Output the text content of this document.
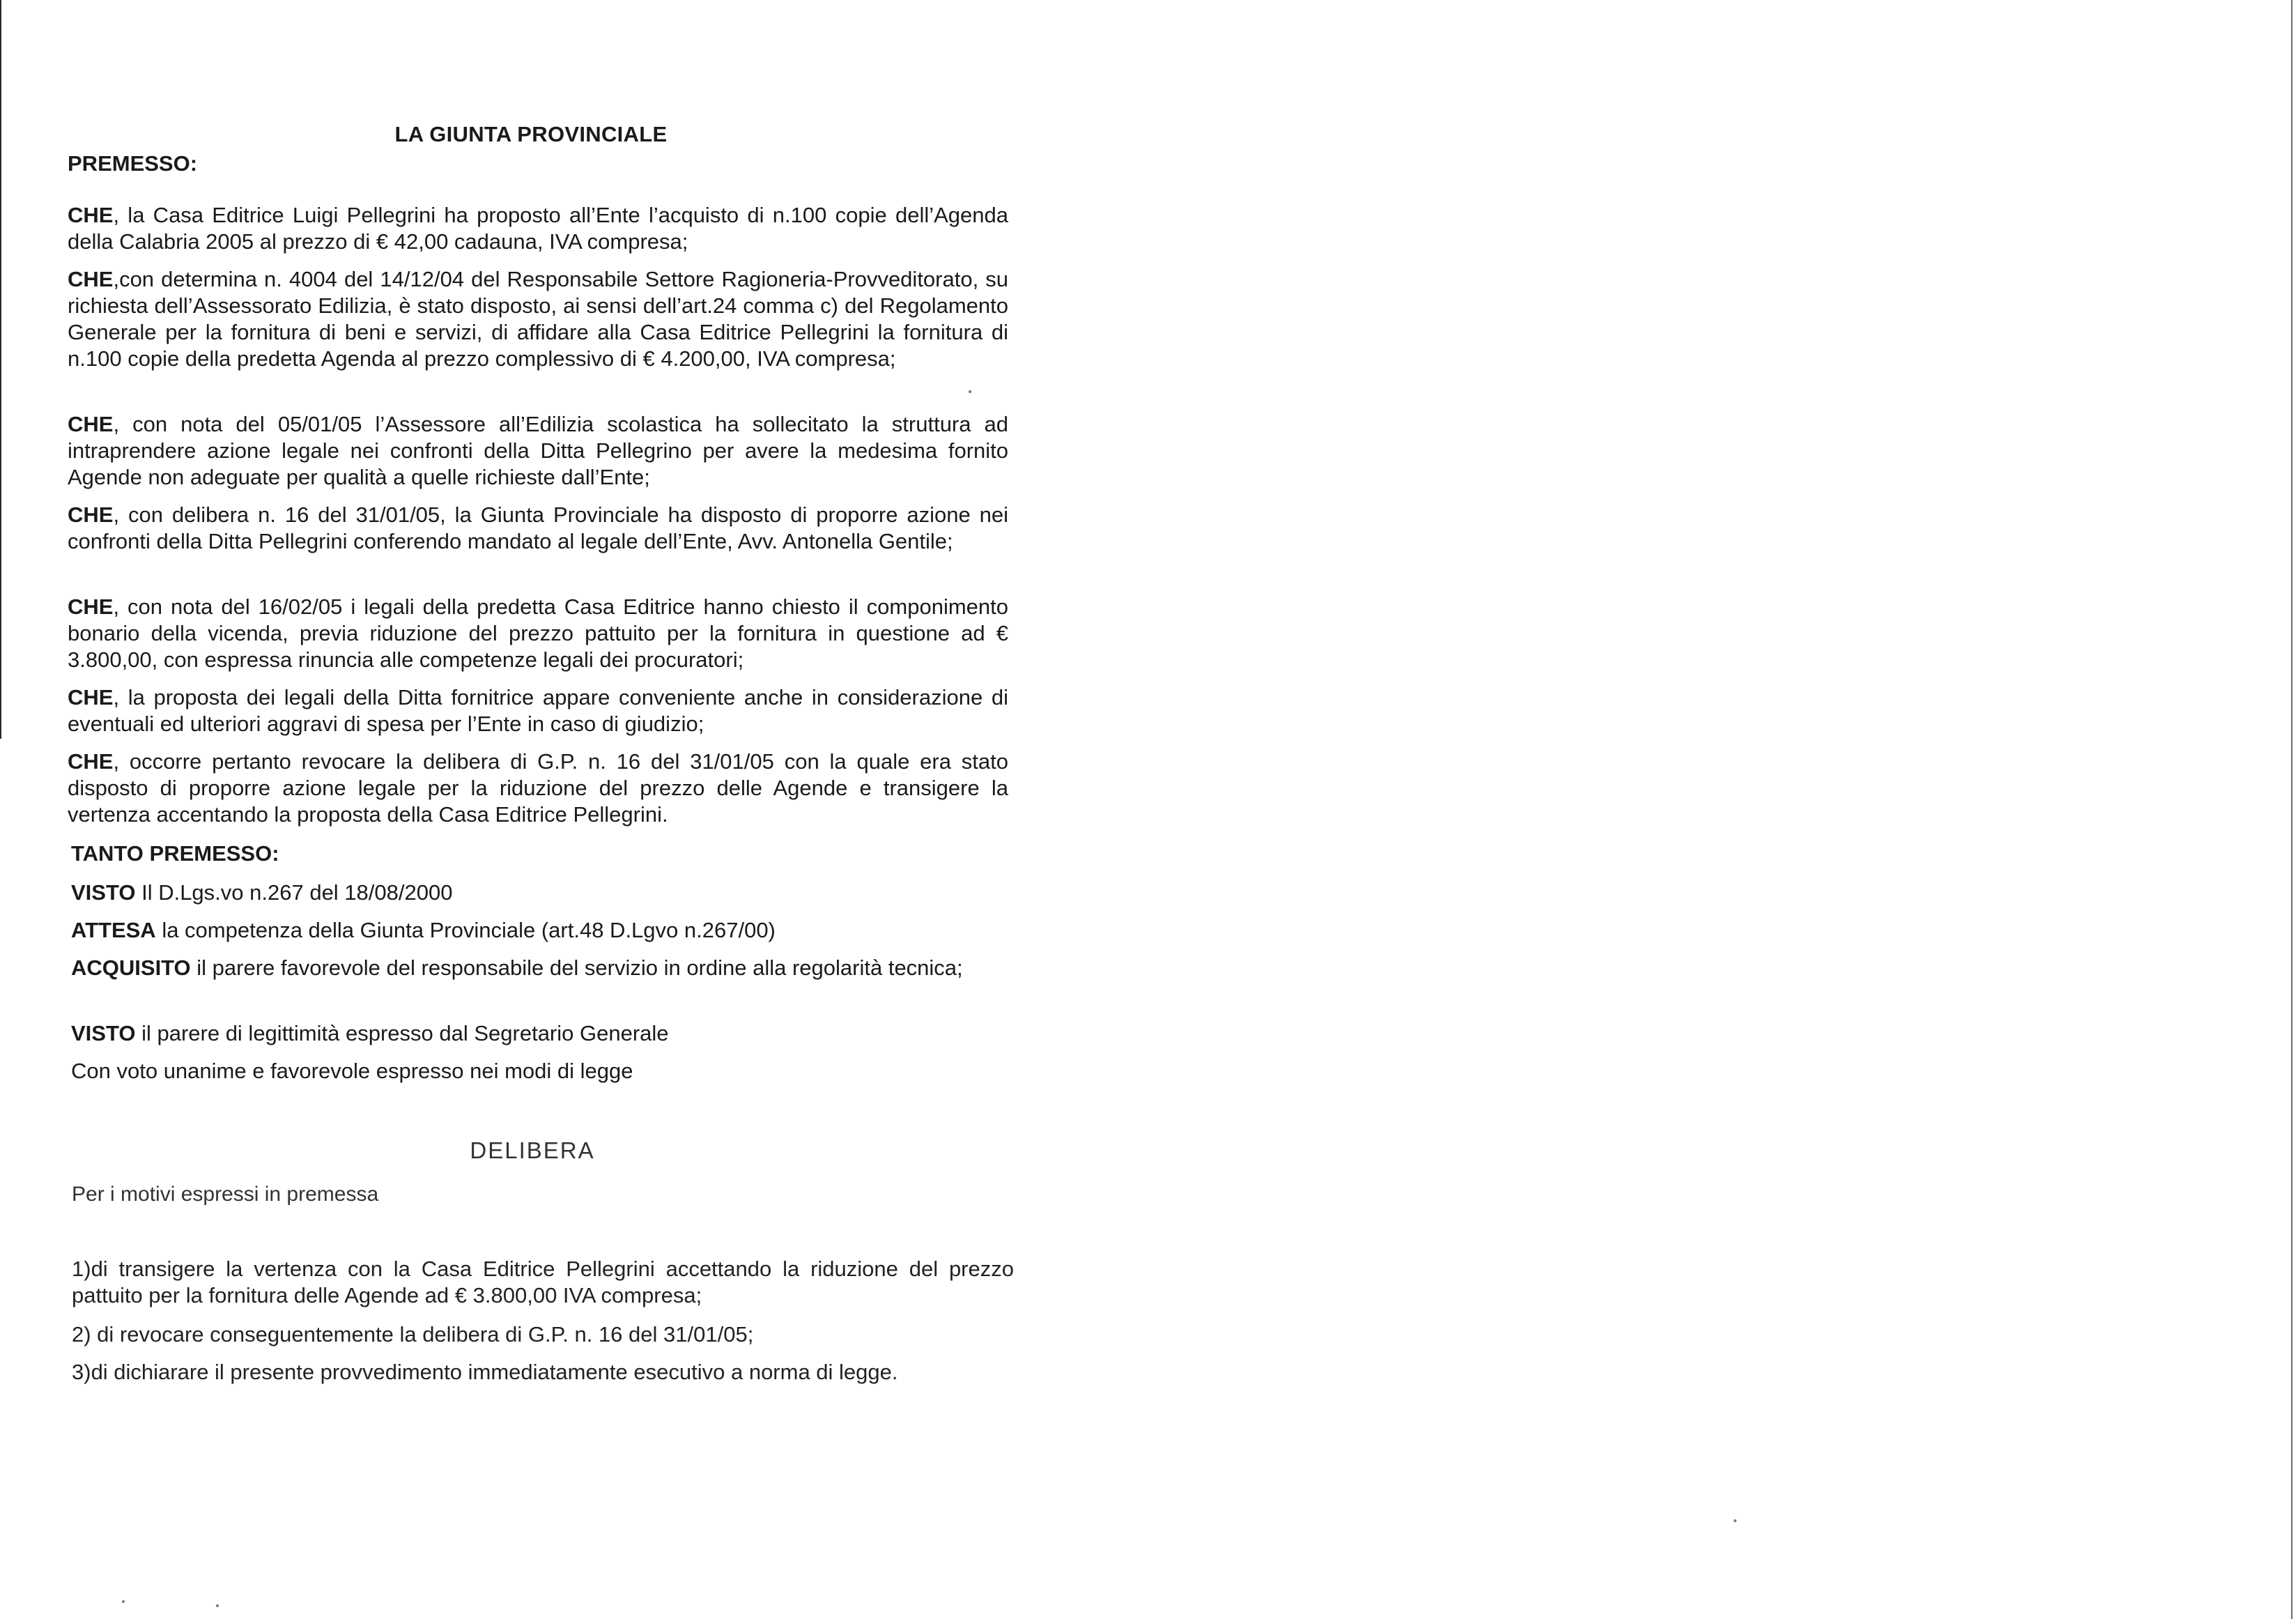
LA GIUNTA PROVINCIALE
PREMESSO:
CHE, la Casa Editrice Luigi Pellegrini ha proposto all’Ente l’acquisto di n.100 copie dell’Agenda della Calabria 2005 al prezzo di € 42,00 cadauna, IVA compresa;
CHE,con determina n. 4004 del 14/12/04 del Responsabile Settore Ragioneria-Provveditorato, su richiesta dell’Assessorato Edilizia, è stato disposto, ai sensi dell’art.24 comma c) del Regolamento Generale per la fornitura di beni e servizi, di affidare alla Casa Editrice Pellegrini la fornitura di n.100 copie della predetta Agenda al prezzo complessivo di € 4.200,00, IVA compresa;
CHE, con nota del 05/01/05 l’Assessore all’Edilizia scolastica ha sollecitato la struttura ad intraprendere azione legale nei confronti della Ditta Pellegrino per avere la medesima fornito Agende non adeguate per qualità a quelle richieste dall’Ente;
CHE, con delibera n. 16 del 31/01/05, la Giunta Provinciale ha disposto di proporre azione nei confronti della Ditta Pellegrini conferendo mandato al legale dell’Ente, Avv. Antonella Gentile;
CHE, con nota del 16/02/05 i legali della predetta Casa Editrice hanno chiesto il componimento bonario della vicenda, previa riduzione del prezzo pattuito per la fornitura in questione ad € 3.800,00, con espressa rinuncia alle competenze legali dei procuratori;
CHE, la proposta dei legali della Ditta fornitrice appare conveniente anche in considerazione di eventuali ed ulteriori aggravi di spesa per l’Ente in caso di giudizio;
CHE, occorre pertanto revocare la delibera di G.P. n. 16 del 31/01/05 con la quale era stato disposto di proporre azione legale per la riduzione del prezzo delle Agende e transigere la vertenza accentando la proposta della Casa Editrice Pellegrini.
TANTO PREMESSO:
VISTO Il D.Lgs.vo n.267 del 18/08/2000
ATTESA la competenza della Giunta Provinciale (art.48 D.Lgvo n.267/00)
ACQUISITO il parere favorevole del responsabile del servizio in ordine alla regolarità tecnica;
VISTO il parere di legittimità espresso dal Segretario Generale
Con voto unanime e favorevole espresso nei modi di legge
DELIBERA
Per i motivi espressi in premessa
1)di transigere la vertenza con la Casa Editrice Pellegrini accettando la riduzione del prezzo pattuito per la fornitura delle Agende ad € 3.800,00 IVA compresa;
2) di revocare conseguentemente la delibera di G.P. n. 16 del 31/01/05;
3)di dichiarare il presente provvedimento immediatamente esecutivo a norma di legge.
